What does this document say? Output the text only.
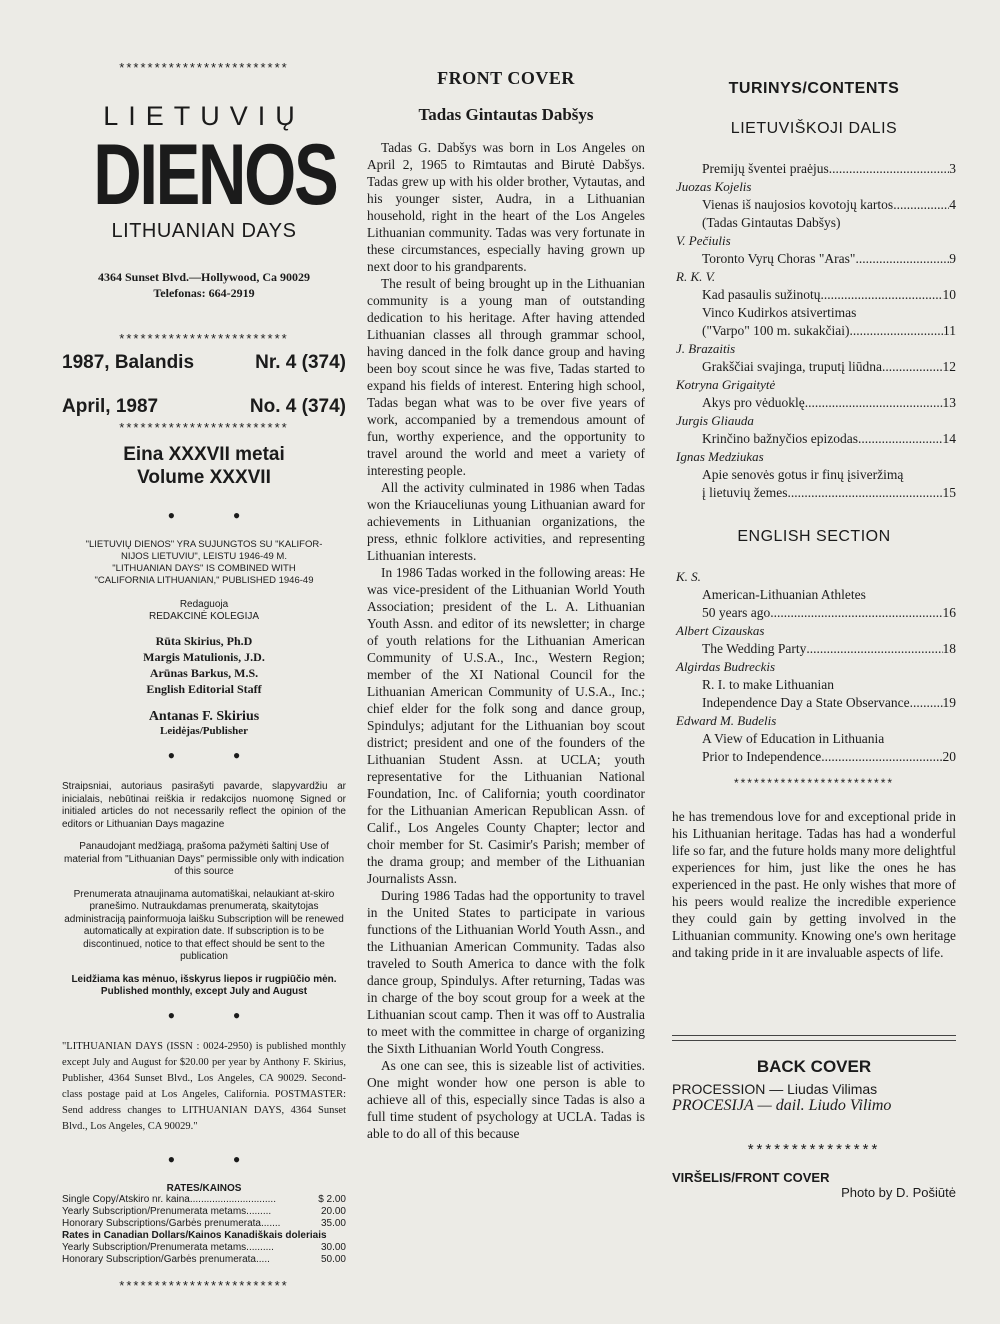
************************
LIETUVIŲ
DIENOS
LITHUANIAN DAYS
4364 Sunset Blvd.—Hollywood, Ca 90029
Telefonas: 664-2919
************************
1987, Balandis	Nr. 4 (374)
April, 1987	No. 4 (374)
************************
Eina XXXVII metai
Volume XXXVII
• •
"LIETUVIŲ DIENOS" YRA SUJUNGTOS SU "KALIFOR-
NIJOS LIETUVIU", LEISTU 1946-49 M.
"LITHUANIAN DAYS" IS COMBINED WITH
"CALIFORNIA LITHUANIAN," PUBLISHED 1946-49
Redaguoja
REDAKCINĖ KOLEGIJA
Rūta Skirius, Ph.D
Margis Matulionis, J.D.
Arūnas Barkus, M.S.
English Editorial Staff
Antanas F. Skirius
Leidėjas/Publisher
• •
Straipsniai, autoriaus pasirašyti pavarde, slapyvardžiu ar inicialais, nebūtinai reiškia ir redakcijos nuomonę Signed or initialed articles do not necessarily reflect the opinion of the editors or Lithuanian Days magazine
Panaudojant medžiagą, prašoma pažymėti šaltinį Use of material from "Lithuanian Days" permissible only with indication of this source
Prenumerata atnaujinama automatiškai, nelaukiant at-skiro pranešimo. Nutraukdamas prenumeratą, skaitytojas administraciją painformuoja laišku Subscription will be renewed automatically at expiration date. If subscription is to be discontinued, notice to that effect should be sent to the publication
Leidžiama kas mėnuo, išskyrus liepos ir rugpiūčio mėn.
Published monthly, except July and August
• •
"LITHUANIAN DAYS (ISSN : 0024-2950) is published monthly except July and August for $20.00 per year by Anthony F. Skirius, Publisher, 4364 Sunset Blvd., Los Angeles, CA 90029. Second-class postage paid at Los Angeles, California. POSTMASTER: Send address changes to LITHUANIAN DAYS, 4364 Sunset Blvd., Los Angeles, CA 90029."
• •
RATES/KAINOS
Single Copy/Atskiro nr. kaina...............................	$ 2.00
Yearly Subscription/Prenumerata metams.........	20.00
Honorary Subscriptions/Garbės prenumerata.......	35.00
Rates in Canadian Dollars/Kainos Kanadiškais doleriais
Yearly Subscription/Prenumerata metams..........	30.00
Honorary Subscription/Garbės prenumerata.....	50.00
************************
FRONT COVER
Tadas Gintautas Dabšys

Tadas G. Dabšys was born in Los Angeles on April 2, 1965 to Rimtautas and Birutė Dabšys. Tadas grew up with his older brother, Vytautas, and his younger sister, Audra, in a Lithuanian household, right in the heart of the Los Angeles Lithuanian community. Tadas was very fortunate in these circumstances, especially having grown up next door to his grandparents.

The result of being brought up in the Lithuanian community is a young man of outstanding dedication to his heritage. After having attended Lithuanian classes all through grammar school, having danced in the folk dance group and having been boy scout since he was five, Tadas started to expand his fields of interest. Entering high school, Tadas began what was to be over five years of work, accompanied by a tremendous amount of fun, worthy experience, and the opportunity to travel around the world and meet a variety of interesting people.

All the activity culminated in 1986 when Tadas won the Kriauceliunas young Lithuanian award for achievements in Lithuanian organizations, the press, ethnic folklore activities, and representing Lithuanian interests.

In 1986 Tadas worked in the following areas: He was vice-president of the Lithuanian World Youth Association; president of the L. A. Lithuanian Youth Assn. and editor of its newsletter; in charge of youth relations for the Lithuanian American Community of U.S.A., Inc., Western Region; member of the XI National Council for the Lithuanian American Community of U.S.A., Inc.; chief elder for the folk song and dance group, Spindulys; adjutant for the Lithuanian boy scout district; president and one of the founders of the Lithuanian Student Assn. at UCLA; youth representative for the Lithuanian National Foundation, Inc. of California; youth coordinator for the Lithuanian American Republican Assn. of Calif., Los Angeles County Chapter; lector and choir member for St. Casimir's Parish; member of the drama group; and member of the Lithuanian Journalists Assn.

During 1986 Tadas had the opportunity to travel in the United States to participate in various functions of the Lithuanian World Youth Assn., and the Lithuanian American Community. Tadas also traveled to South America to dance with the folk dance group, Spindulys. After returning, Tadas was in charge of the boy scout group for a week at the Lithuanian scout camp. Then it was off to Australia to meet with the committee in charge of organizing the Sixth Lithuanian World Youth Congress.

As one can see, this is sizeable list of activities. One might wonder how one person is able to achieve all of this, especially since Tadas is also a full time student of psychology at UCLA. Tadas is able to do all of this because

TURINYS/CONTENTS
LIETUVIŠKOJI DALIS
Premijų šventei praėjus .....	3
Juozas Kojelis
Vienas iš naujosios kovotojų kartos .....	4
(Tadas Gintautas Dabšys)
V. Pečiulis
Toronto Vyrų Choras "Aras" .....	9
R. K. V.
Kad pasaulis sužinotų .....	10
Vinco Kudirkos atsivertimas
("Varpo" 100 m. sukakčiai) .....	11
J. Brazaitis
Grakščiai svajinga, truputį liūdna .....	12
Kotryna Grigaitytė
Akys pro vėduoklę .....	13
Jurgis Gliauda
Krinčino bažnyčios epizodas .....	14
Ignas Medziukas
Apie senovės gotus ir finų įsiveržimą
į lietuvių žemes .....	15
ENGLISH SECTION
K. S.
American-Lithuanian Athletes
50 years ago .....	16
Albert Cizauskas
The Wedding Party .....	18
Algirdas Budreckis
R. I. to make Lithuanian
Independence Day a State Observance.. ..... 19
Edward M. Budelis
A View of Education in Lithuania
Prior to Independence .....	20
************************
he has tremendous love for and exceptional pride in his Lithuanian heritage. Tadas has had a wonderful life so far, and the future holds many more delightful experiences for him, just like the ones he has experienced in the past. He only wishes that more of his peers would realize the incredible experience they could gain by getting involved in the Lithuanian community. Knowing one's own heritage and taking pride in it are invaluable aspects of life.
BACK COVER
PROCESSION — Liudas Vilimas
PROCESIJA — dail. Liudo Vilimo
***************
VIRŠELIS/FRONT COVER
Photo by D. Pošiūtė
